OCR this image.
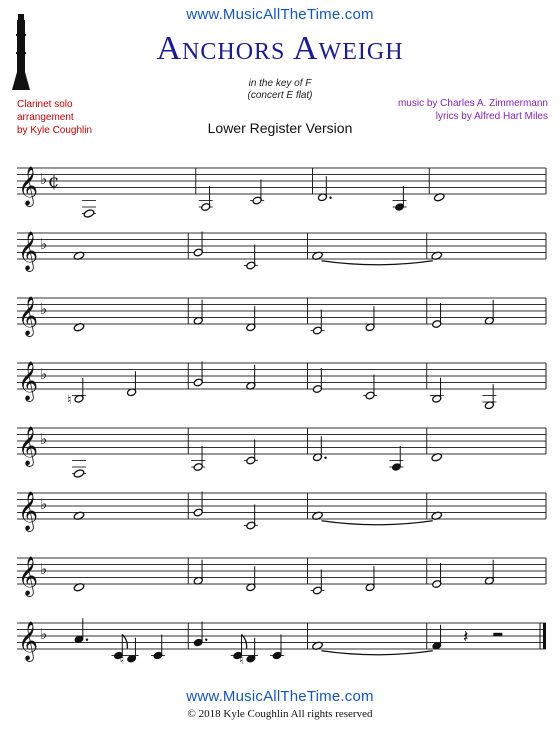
www.MusicAllTheTime.com
Anchors Aweigh
in the key of F
(concert E flat)
Clarinet solo
arrangement
by Kyle Coughlin
music by Charles A. Zimmermann
lyrics by Alfred Hart Miles
Lower Register Version
𝄞 ♭ ¢
𝄞 ♭
𝄞 ♭
𝄞 ♭
♮
𝄞 ♭
𝄞 ♭
𝄞 ♭
𝄞 ♭
♮	♮
𝄽
www.MusicAllTheTime.com
© 2018 Kyle Coughlin All rights reserved
